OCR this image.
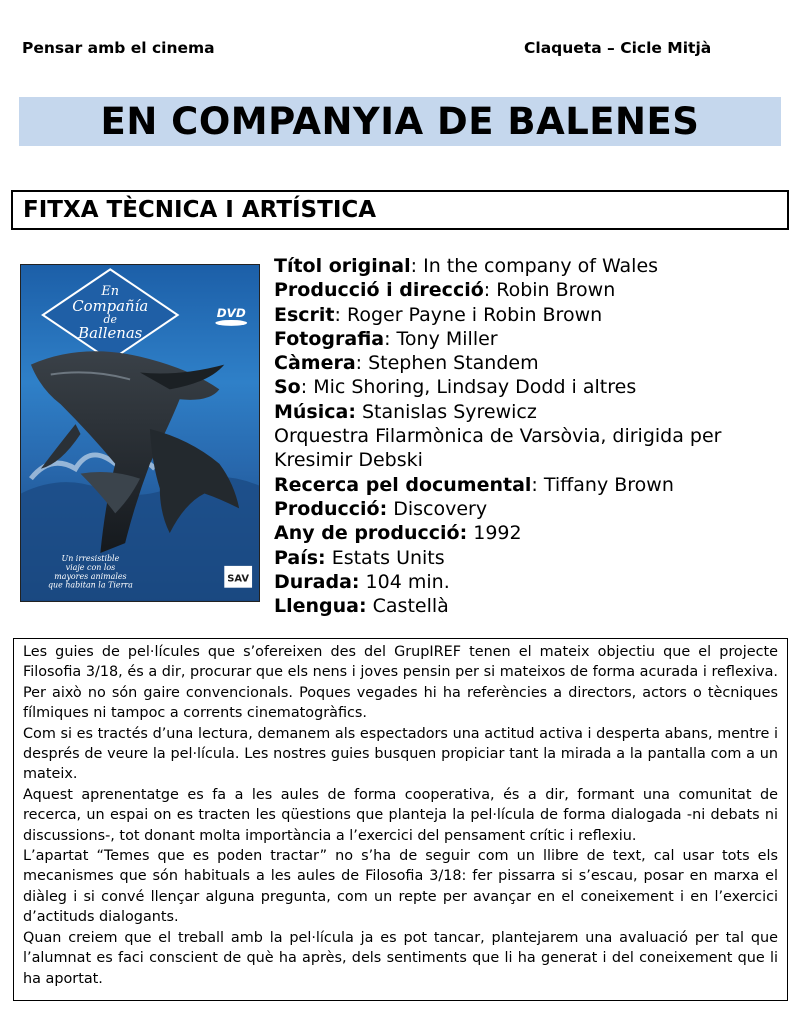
Pensar amb el cinema	Claqueta – Cicle Mitjà
EN COMPANYIA DE BALENES
FITXA TÈCNICA I ARTÍSTICA
En
Compañía
de
Ballenas
DVD
Un irresistible
viaje con los
mayores animales
que habitan la Tierra
SAV
Títol original: In the company of Wales
Producció i direcció: Robin Brown
Escrit: Roger Payne i Robin Brown
Fotografia: Tony Miller
Càmera: Stephen Standem
So: Mic Shoring, Lindsay Dodd i altres
Música: Stanislas Syrewicz
Orquestra Filarmònica de Varsòvia, dirigida per
Kresimir Debski
Recerca pel documental: Tiffany Brown
Producció: Discovery
Any de producció: 1992
País: Estats Units
Durada: 104 min.
Llengua: Castellà

Les guies de pel·lícules que s’ofereixen des del GrupIREF tenen el mateix objectiu que el projecte Filosofia 3/18, és a dir, procurar que els nens i joves pensin per si mateixos de forma acurada i reflexiva. Per això no són gaire convencionals. Poques vegades hi ha referències a directors, actors o tècniques fílmiques ni tampoc a corrents cinematogràfics.

Com si es tractés d’una lectura, demanem als espectadors una actitud activa i desperta abans, mentre i després de veure la pel·lícula. Les nostres guies busquen propiciar tant la mirada a la pantalla com a un mateix.

Aquest aprenentatge es fa a les aules de forma cooperativa, és a dir, formant una comunitat de recerca, un espai on es tracten les qüestions que planteja la pel·lícula de forma dialogada -ni debats ni discussions-, tot donant molta importància a l’exercici del pensament crític i reflexiu.

L’apartat “Temes que es poden tractar” no s’ha de seguir com un llibre de text, cal usar tots els mecanismes que són habituals a les aules de Filosofia 3/18: fer pissarra si s’escau, posar en marxa el diàleg i si convé llençar alguna pregunta, com un repte per avançar en el coneixement i en l’exercici d’actituds dialogants.

Quan creiem que el treball amb la pel·lícula ja es pot tancar, plantejarem una avaluació per tal que l’alumnat es faci conscient de què ha après, dels sentiments que li ha generat i del coneixement que li ha aportat.
